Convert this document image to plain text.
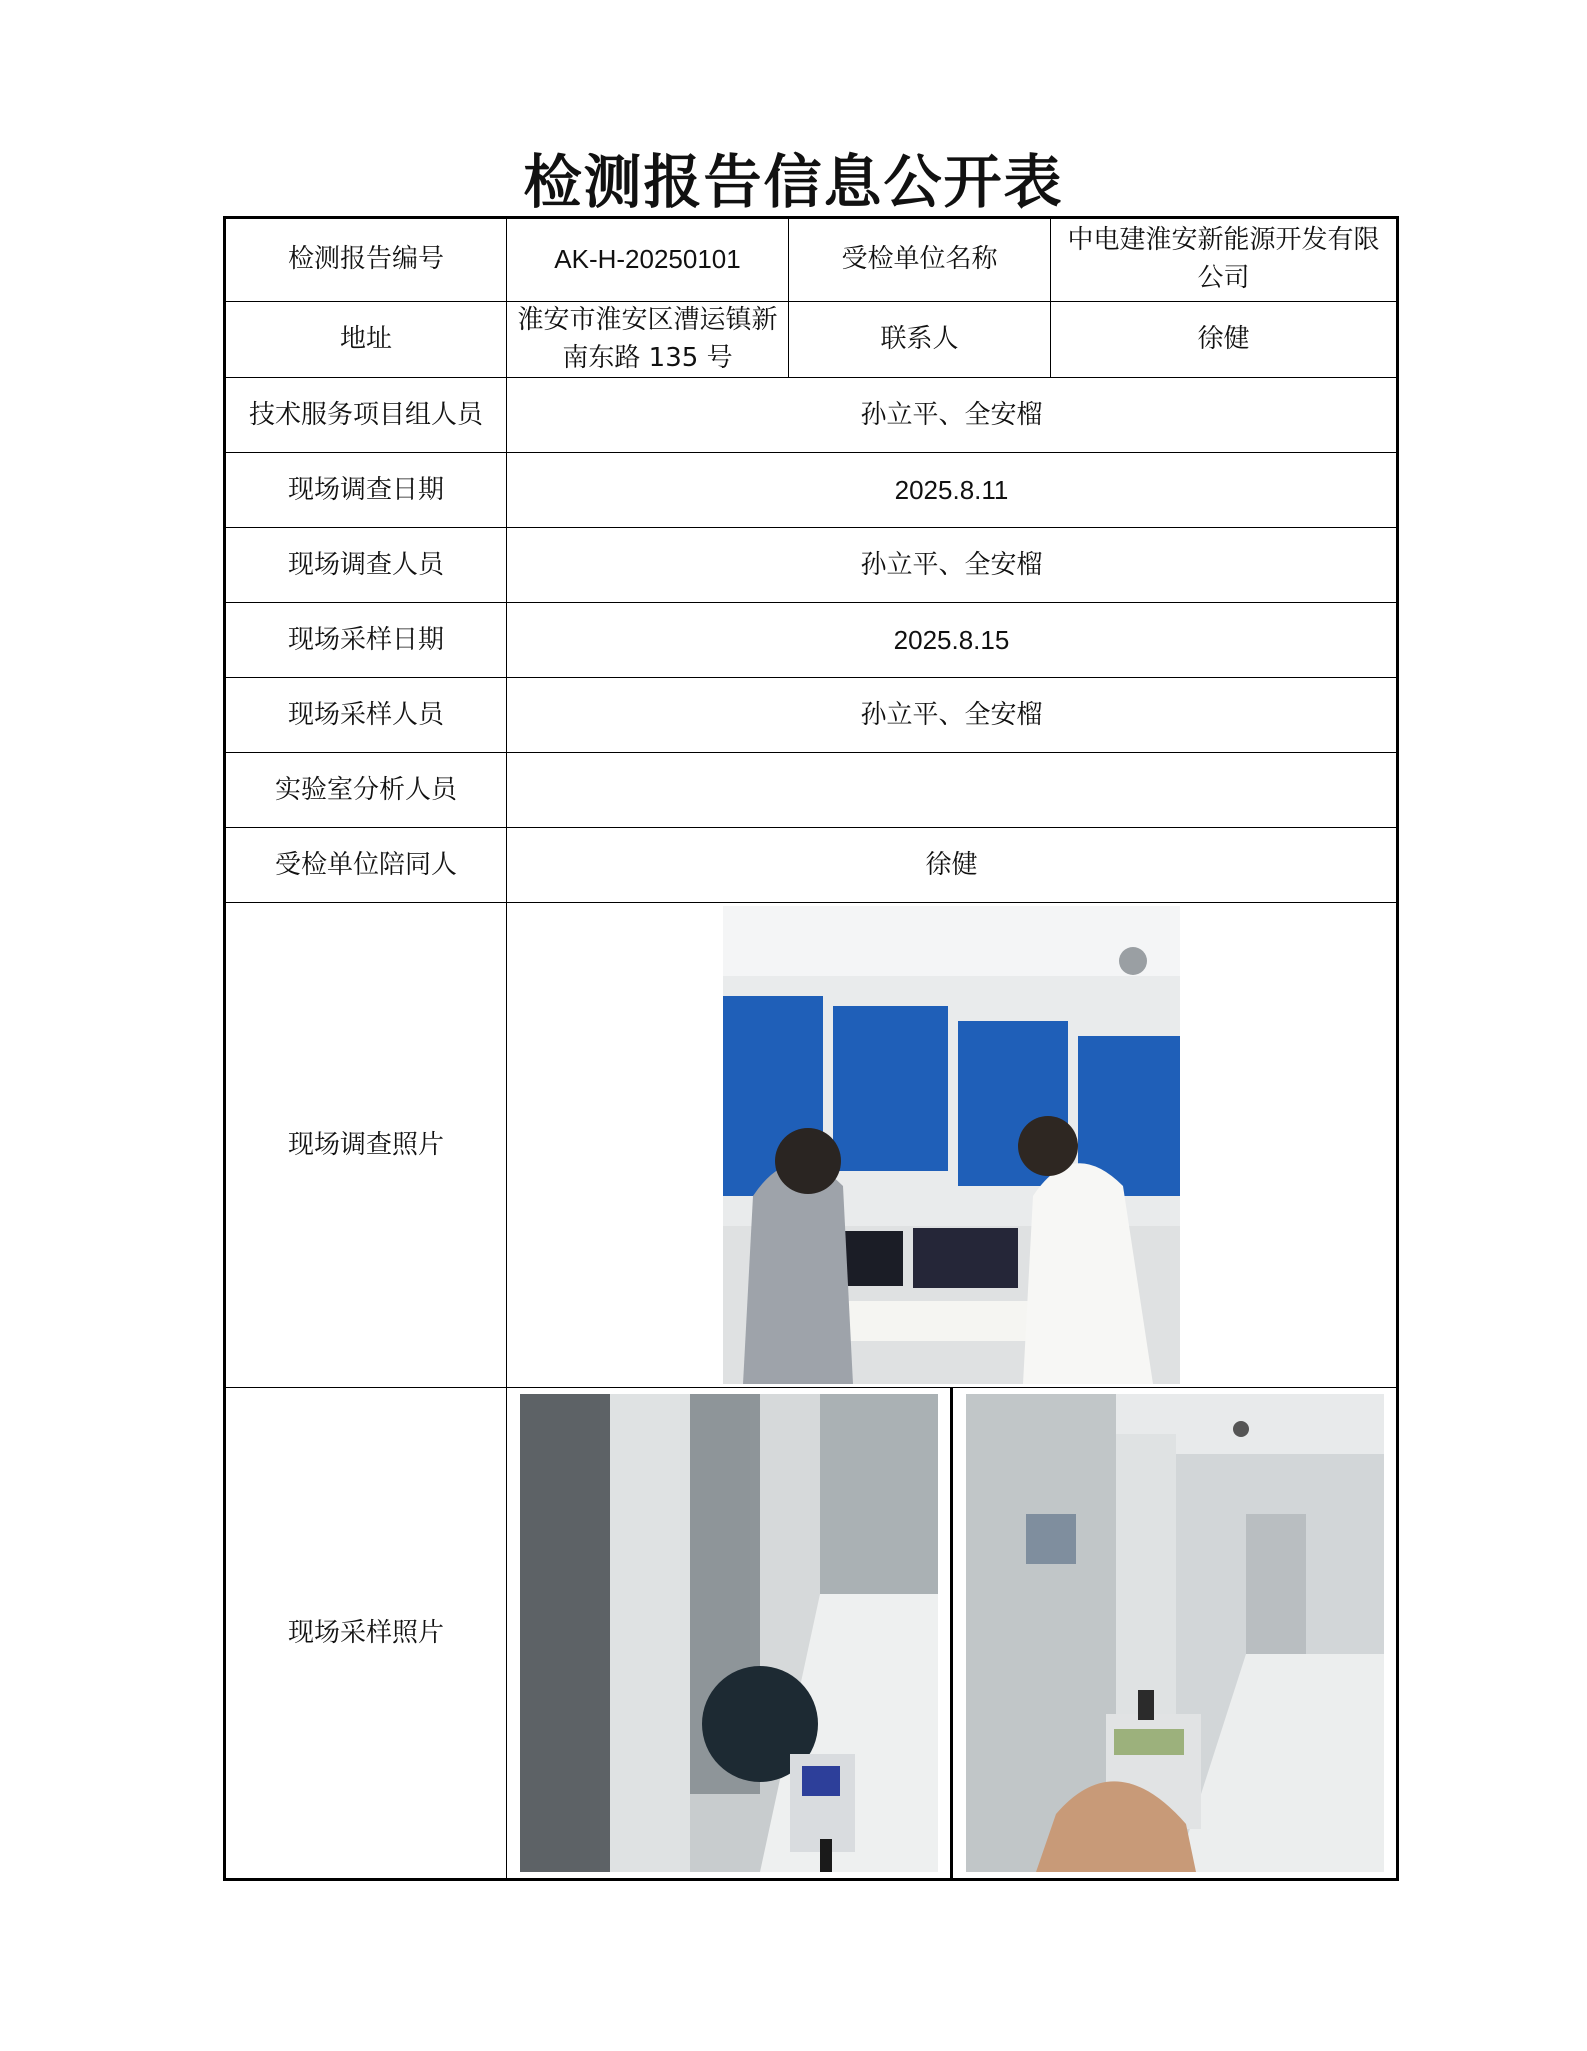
检测报告信息公开表
检测报告编号	AK-H-20250101	受检单位名称	中电建淮安新能源开发有限公司
地址	淮安市淮安区漕运镇新南东路 135 号	联系人	徐健
技术服务项目组人员	孙立平、全安榴		
现场调查日期	2025.8.11		
现场调查人员	孙立平、全安榴		
现场采样日期	2025.8.15		
现场采样人员	孙立平、全安榴		
实验室分析人员			
受检单位陪同人	徐健		
现场调查照片	

现场采样照片	
